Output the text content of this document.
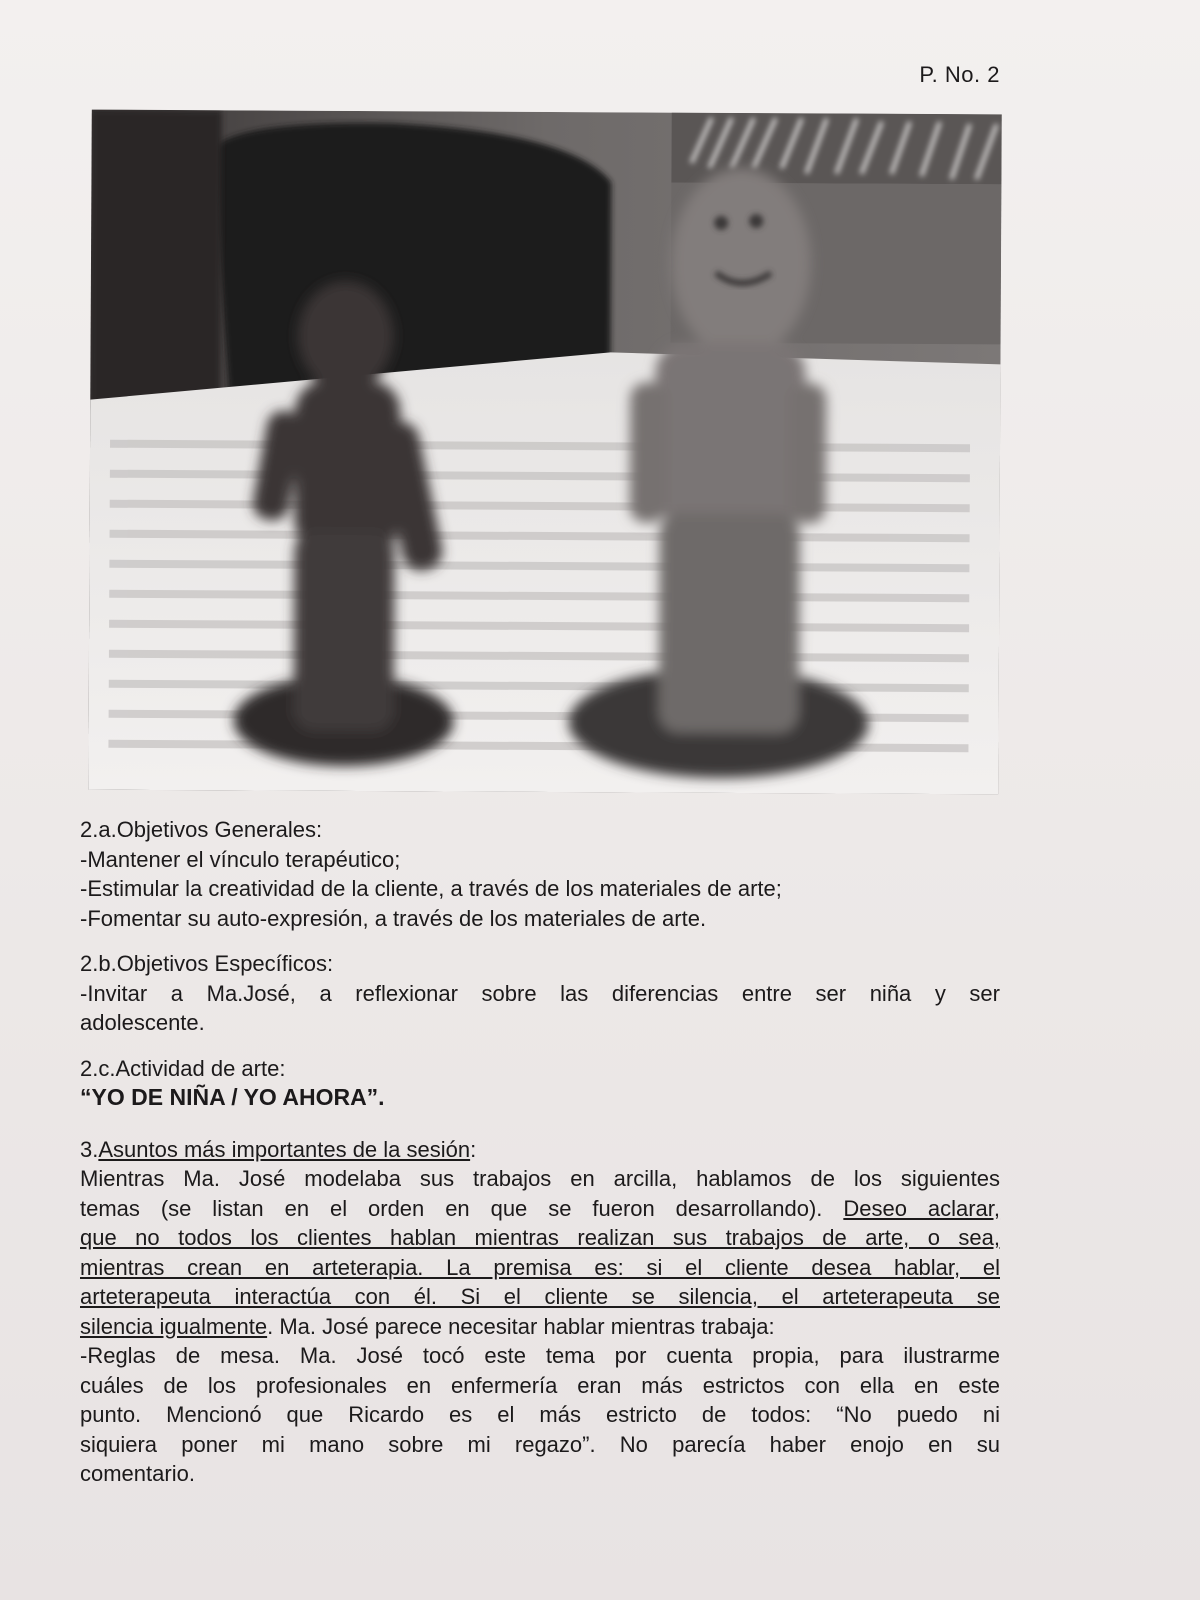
P. No. 2
2.a.Objetivos Generales:
-Mantener el vínculo terapéutico;
-Estimular la creatividad de la cliente, a través de los materiales de arte;
-Fomentar su auto-expresión, a través de los materiales de arte.
2.b.Objetivos Específicos:
-Invitar a Ma.José, a reflexionar sobre las diferencias entre ser niña y ser
adolescente.
2.c.Actividad de arte:
“YO DE NIÑA / YO AHORA”.
3.Asuntos más importantes de la sesión:
Mientras Ma. José modelaba sus trabajos en arcilla, hablamos de los siguientes
temas (se listan en el orden en que se fueron desarrollando). Deseo aclarar,
que no todos los clientes hablan mientras realizan sus trabajos de arte, o sea,
mientras crean en arteterapia. La premisa es: si el cliente desea hablar, el
arteterapeuta interactúa con él. Si el cliente se silencia, el arteterapeuta se
silencia igualmente. Ma. José parece necesitar hablar mientras trabaja:
-Reglas de mesa. Ma. José tocó este tema por cuenta propia, para ilustrarme
cuáles de los profesionales en enfermería eran más estrictos con ella en este
punto. Mencionó que Ricardo es el más estricto de todos: “No puedo ni
siquiera poner mi mano sobre mi regazo”. No parecía haber enojo en su
comentario.
